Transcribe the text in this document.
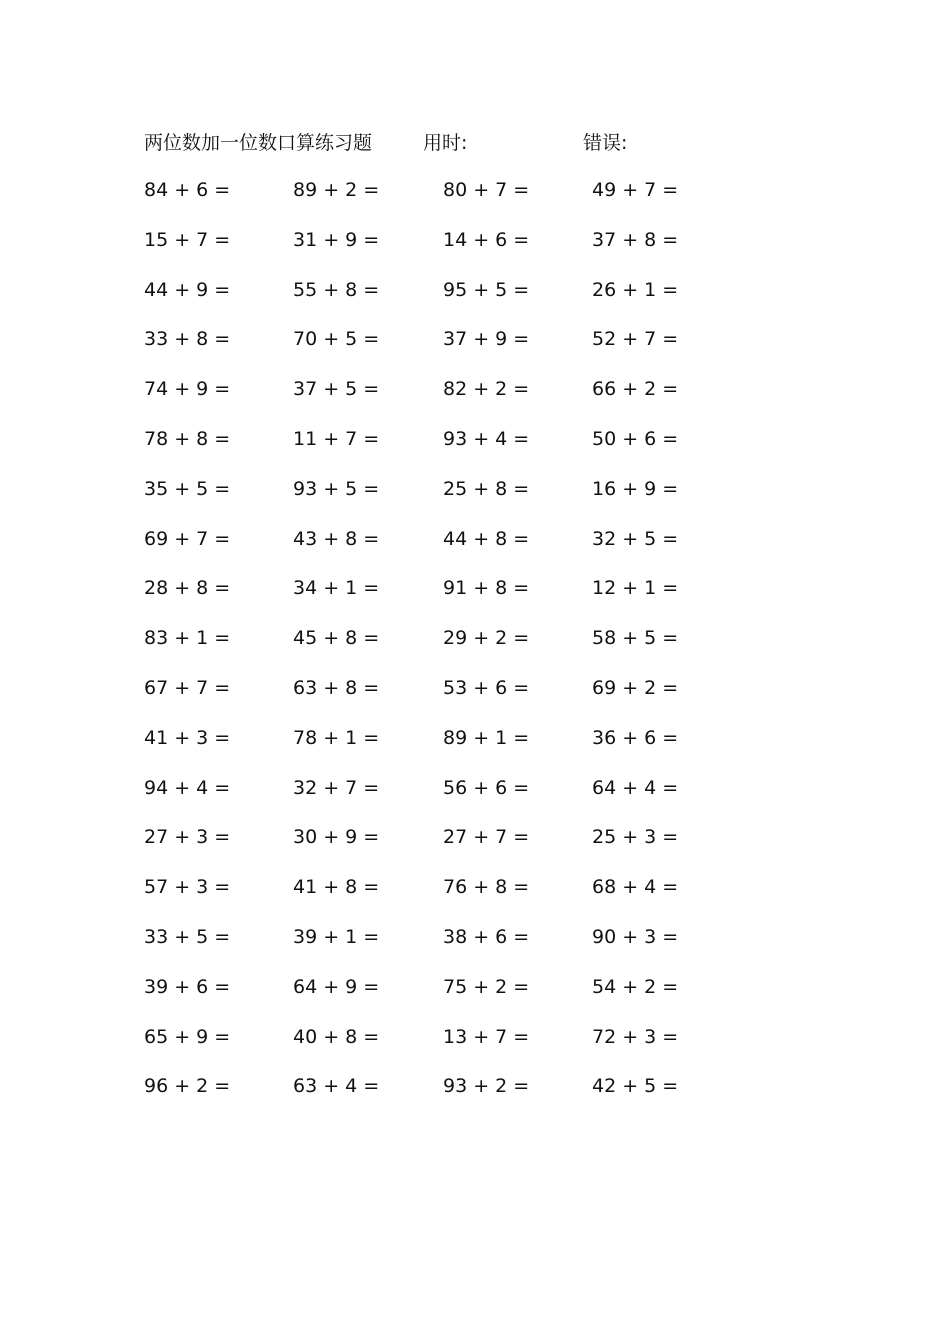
两位数加一位数口算练习题	用时:	错误:
84 + 6 =	89 + 2 =	80 + 7 =	49 + 7 =
15 + 7 =	31 + 9 =	14 + 6 =	37 + 8 =
44 + 9 =	55 + 8 =	95 + 5 =	26 + 1 =
33 + 8 =	70 + 5 =	37 + 9 =	52 + 7 =
74 + 9 =	37 + 5 =	82 + 2 =	66 + 2 =
78 + 8 =	11 + 7 =	93 + 4 =	50 + 6 =
35 + 5 =	93 + 5 =	25 + 8 =	16 + 9 =
69 + 7 =	43 + 8 =	44 + 8 =	32 + 5 =
28 + 8 =	34 + 1 =	91 + 8 =	12 + 1 =
83 + 1 =	45 + 8 =	29 + 2 =	58 + 5 =
67 + 7 =	63 + 8 =	53 + 6 =	69 + 2 =
41 + 3 =	78 + 1 =	89 + 1 =	36 + 6 =
94 + 4 =	32 + 7 =	56 + 6 =	64 + 4 =
27 + 3 =	30 + 9 =	27 + 7 =	25 + 3 =
57 + 3 =	41 + 8 =	76 + 8 =	68 + 4 =
33 + 5 =	39 + 1 =	38 + 6 =	90 + 3 =
39 + 6 =	64 + 9 =	75 + 2 =	54 + 2 =
65 + 9 =	40 + 8 =	13 + 7 =	72 + 3 =
96 + 2 =	63 + 4 =	93 + 2 =	42 + 5 =
